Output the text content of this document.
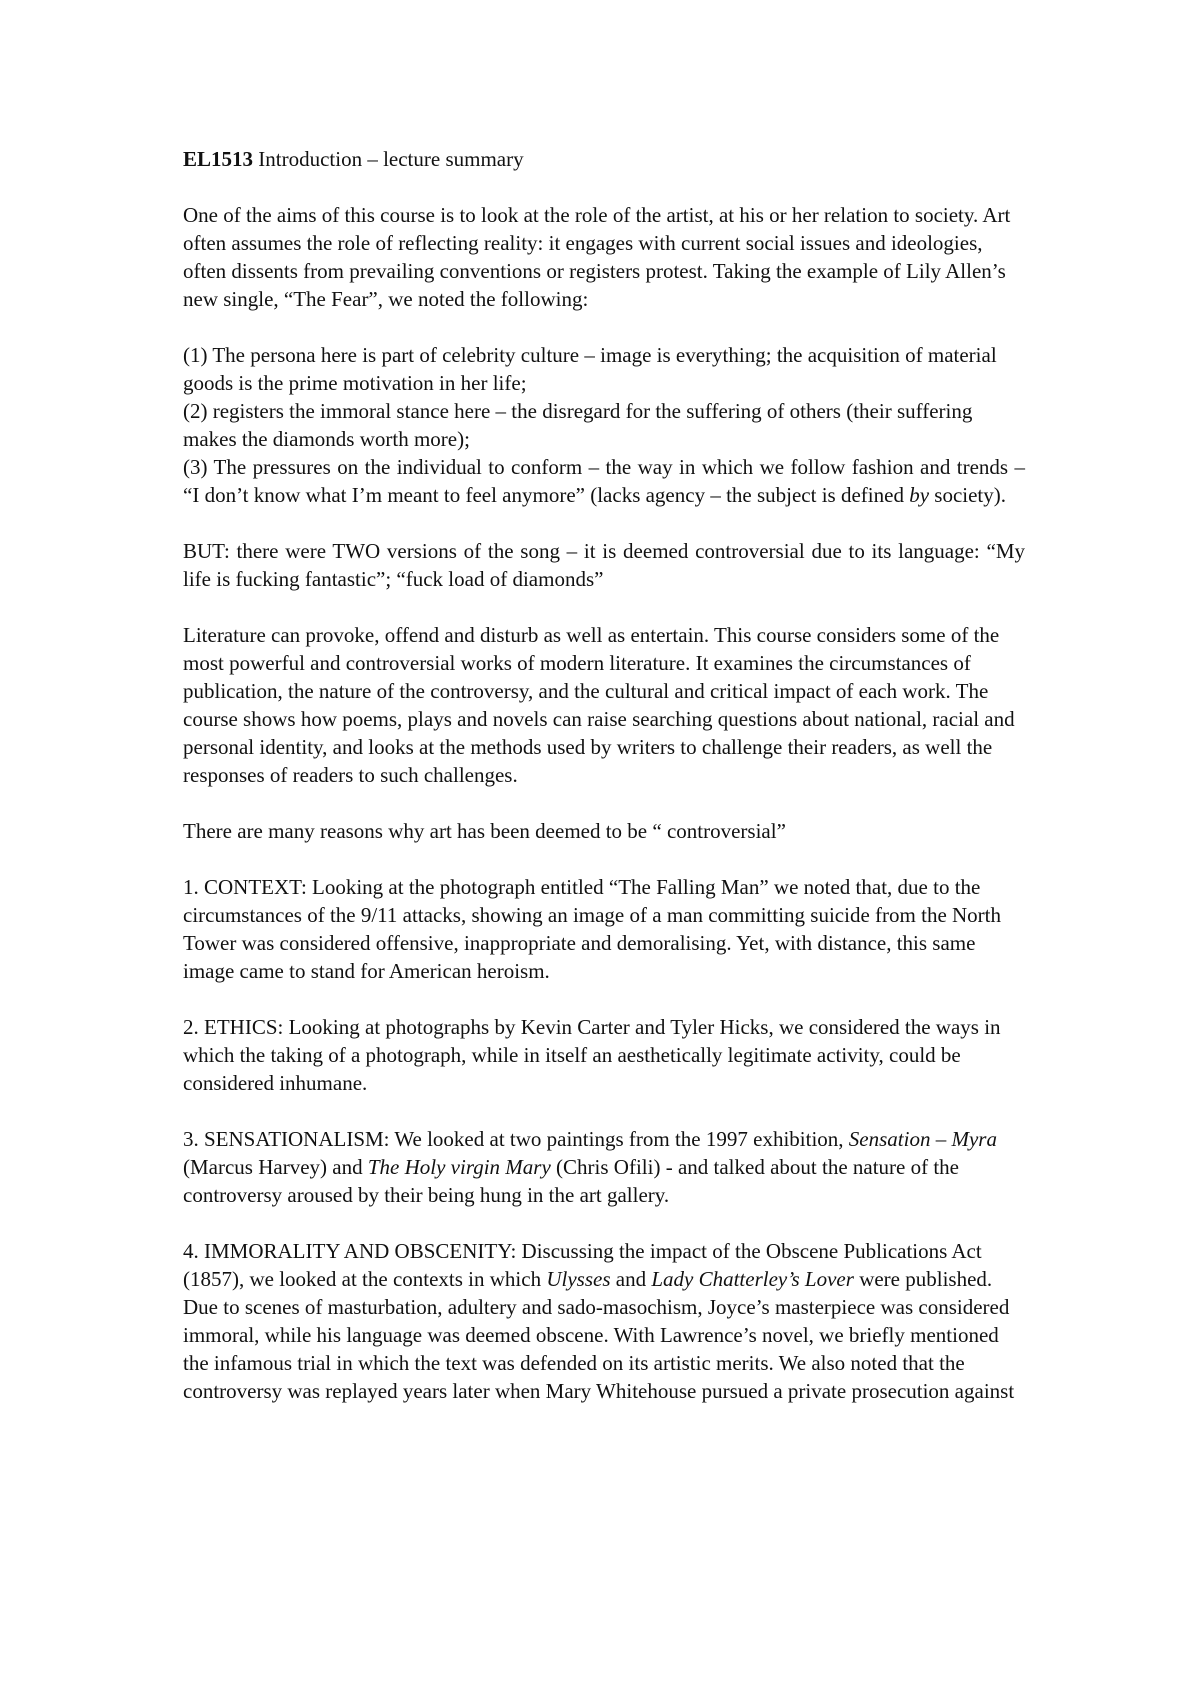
EL1513 Introduction – lecture summary

One of the aims of this course is to look at the role of the artist, at his or her relation to society. Art often assumes the role of reflecting reality: it engages with current social issues and ideologies, often dissents from prevailing conventions or registers protest. Taking the example of Lily Allen’s new single, “The Fear”, we noted the following:

(1) The persona here is part of celebrity culture – image is everything; the acquisition of material goods is the prime motivation in her life;

(2) registers the immoral stance here – the disregard for the suffering of others (their suffering makes the diamonds worth more);

(3) The pressures on the individual to conform – the way in which we follow fashion and trends – “I don’t know what I’m meant to feel anymore” (lacks agency – the subject is defined by society).

BUT: there were TWO versions of the song – it is deemed controversial due to its language: “My life is fucking fantastic”; “fuck load of diamonds”

Literature can provoke, offend and disturb as well as entertain. This course considers some of the most powerful and controversial works of modern literature. It examines the circumstances of publication, the nature of the controversy, and the cultural and critical impact of each work. The course shows how poems, plays and novels can raise searching questions about national, racial and personal identity, and looks at the methods used by writers to challenge their readers, as well the responses of readers to such challenges.

There are many reasons why art has been deemed to be “ controversial”

1. CONTEXT: Looking at the photograph entitled “The Falling Man” we noted that, due to the circumstances of the 9/11 attacks, showing an image of a man committing suicide from the North Tower was considered offensive, inappropriate and demoralising. Yet, with distance, this same image came to stand for American heroism.

2. ETHICS: Looking at photographs by Kevin Carter and Tyler Hicks, we considered the ways in which the taking of a photograph, while in itself an aesthetically legitimate activity, could be considered inhumane.

3. SENSATIONALISM: We looked at two paintings from the 1997 exhibition, Sensation – Myra (Marcus Harvey) and The Holy virgin Mary (Chris Ofili) - and talked about the nature of the controversy aroused by their being hung in the art gallery.

4. IMMORALITY AND OBSCENITY: Discussing the impact of the Obscene Publications Act (1857), we looked at the contexts in which Ulysses and Lady Chatterley’s Lover were published. Due to scenes of masturbation, adultery and sado-masochism, Joyce’s masterpiece was considered immoral, while his language was deemed obscene. With Lawrence’s novel, we briefly mentioned the infamous trial in which the text was defended on its artistic merits. We also noted that the controversy was replayed years later when Mary Whitehouse pursued a private prosecution against
